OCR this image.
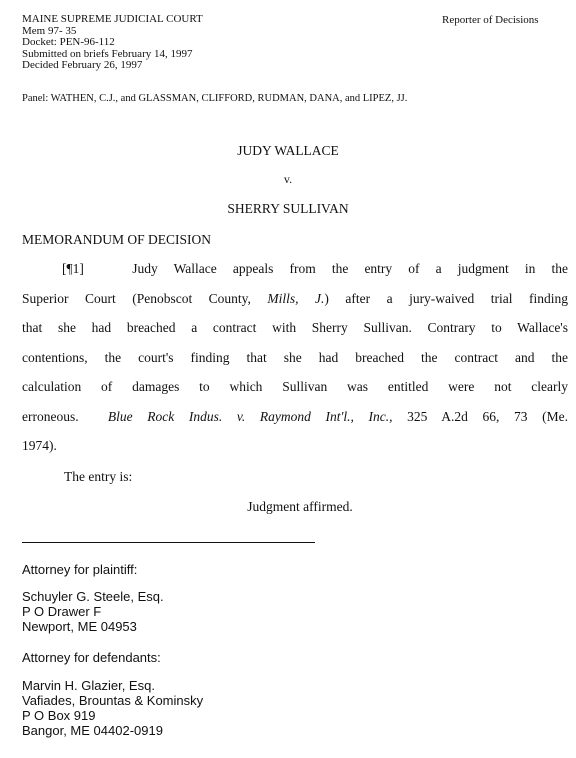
MAINE SUPREME JUDICIAL COURT
Mem 97- 35
Docket: PEN-96-112
Submitted on briefs February 14, 1997
Decided February 26, 1997
Reporter of Decisions
Panel: WATHEN, C.J., and GLASSMAN, CLIFFORD, RUDMAN, DANA, and LIPEZ, JJ.
JUDY WALLACE
v.
SHERRY SULLIVAN
MEMORANDUM OF DECISION
[¶1]	Judy Wallace appeals from the entry of a judgment in the
Superior Court (Penobscot County, Mills, J.) after a jury-waived trial finding
that she had breached a contract with Sherry Sullivan. Contrary to Wallace's
contentions, the court's finding that she had breached the contract and the
calculation of damages to which Sullivan was entitled were not clearly
erroneous.  Blue Rock Indus. v. Raymond Int'l., Inc., 325 A.2d 66, 73 (Me.
1974).
The entry is:
Judgment affirmed.
Attorney for plaintiff:
Schuyler G. Steele, Esq.
P O Drawer F
Newport, ME 04953
Attorney for defendants:
Marvin H. Glazier, Esq.
Vafiades, Brountas & Kominsky
P O Box 919
Bangor, ME 04402-0919
